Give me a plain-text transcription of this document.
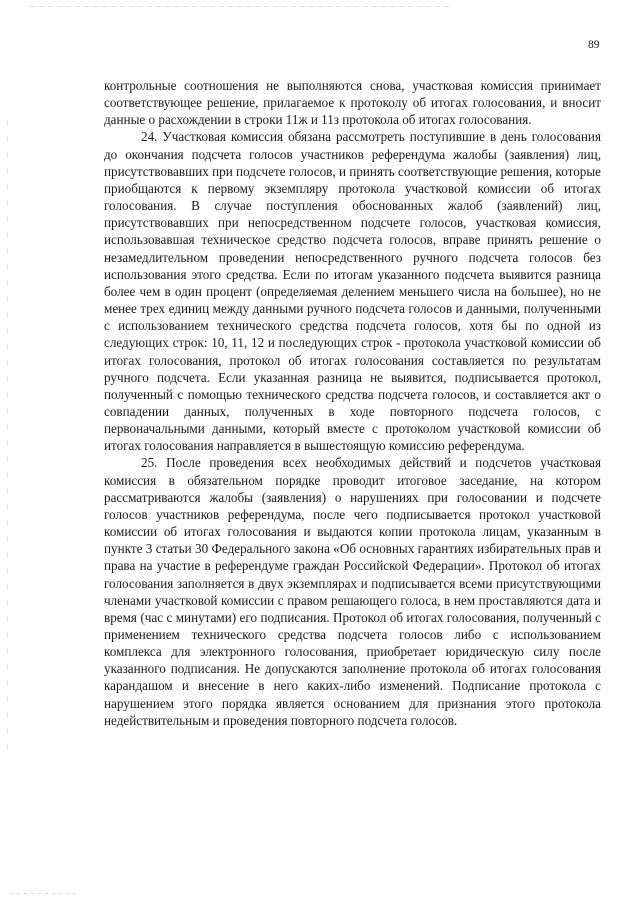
89

контрольные соотношения не выполняются снова, участковая комиссия принимает соответствующее решение, прилагаемое к протоколу об итогах голосования, и вносит данные о расхождении в строки 11ж и 11з протокола об итогах голосования.

24. Участковая комиссия обязана рассмотреть поступившие в день голосования до окончания подсчета голосов участников референдума жалобы (заявления) лиц, присутствовавших при подсчете голосов, и принять соответствующие решения, которые приобщаются к первому экземпляру протокола участковой комиссии об итогах голосования. В случае поступления обоснованных жалоб (заявлений) лиц, присутствовавших при непосредственном подсчете голосов, участковая комиссия, использовавшая техническое средство подсчета голосов, вправе принять решение о незамедлительном проведении непосредственного ручного подсчета голосов без использования этого средства. Если по итогам указанного подсчета выявится разница более чем в один процент (определяемая делением меньшего числа на большее), но не менее трех единиц между данными ручного подсчета голосов и данными, полученными с использованием технического средства подсчета голосов, хотя бы по одной из следующих строк: 10, 11, 12 и последующих строк - протокола участковой комиссии об итогах голосования, протокол об итогах голосования составляется по результатам ручного подсчета. Если указанная разница не выявится, подписывается протокол, полученный с помощью технического средства подсчета голосов, и составляется акт о совпадении данных, полученных в ходе повторного подсчета голосов, с первоначальными данными, который вместе с протоколом участковой комиссии об итогах голосования направляется в вышестоящую комиссию референдума.

25. После проведения всех необходимых действий и подсчетов участковая комиссия в обязательном порядке проводит итоговое заседание, на котором рассматриваются жалобы (заявления) о нарушениях при голосовании и подсчете голосов участников референдума, после чего подписывается протокол участковой комиссии об итогах голосования и выдаются копии протокола лицам, указанным в пункте 3 статьи 30 Федерального закона «Об основных гарантиях избирательных прав и права на участие в референдуме граждан Российской Федерации». Протокол об итогах голосования заполняется в двух экземплярах и подписывается всеми присутствующими членами участковой комиссии с правом решающего голоса, в нем проставляются дата и время (час с минутами) его подписания. Протокол об итогах голосования, полученный с применением технического средства подсчета голосов либо с использованием комплекса для электронного голосования, приобретает юридическую силу после указанного подписания. Не допускаются заполнение протокола об итогах голосования карандашом и внесение в него каких-либо изменений. Подписание протокола с нарушением этого порядка является основанием для признания этого протокола недействительным и проведения повторного подсчета голосов.
